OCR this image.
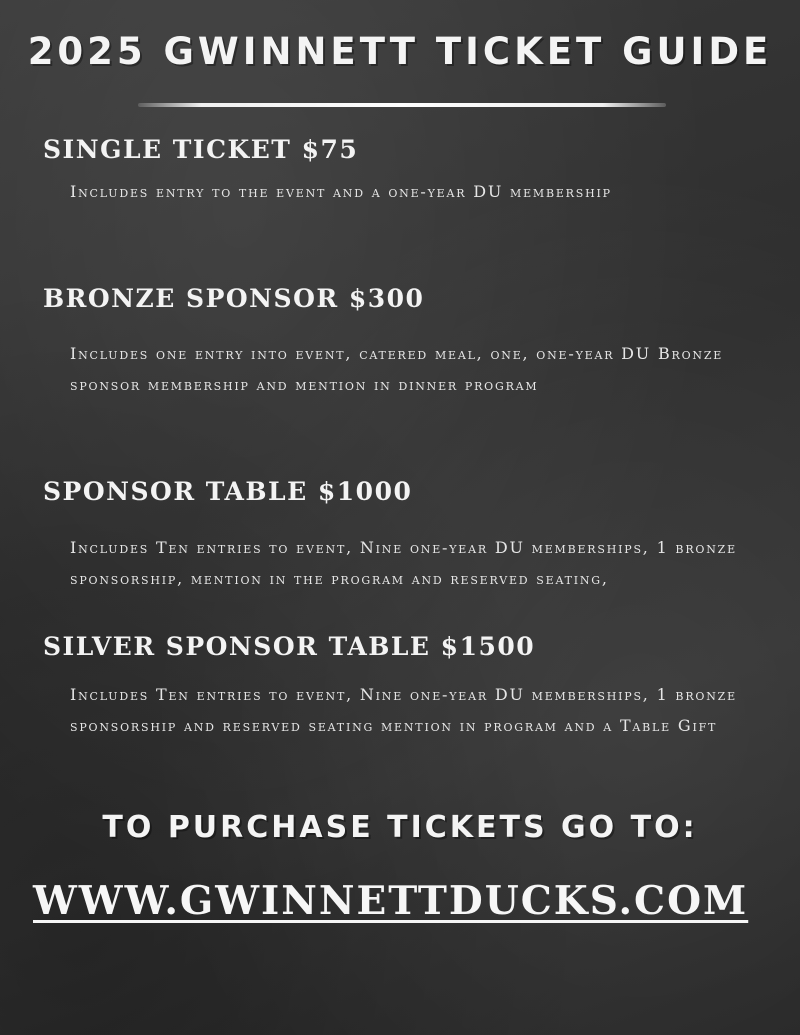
2025 GWINNETT TICKET GUIDE
SINGLE TICKET $75

Includes entry to the event and a one-year DU membership

BRONZE SPONSOR $300

Includes one entry into event, catered meal, one, one-year DU Bronze sponsor membership and mention in dinner program

SPONSOR TABLE $1000

Includes Ten entries to event, Nine one-year DU memberships, 1 bronze sponsorship, mention in the program and reserved seating,

SILVER SPONSOR TABLE $1500

Includes Ten entries to event, Nine one-year DU memberships, 1 bronze sponsorship and reserved seating mention in program and a Table Gift

TO PURCHASE TICKETS GO TO:
WWW.GWINNETTDUCKS.COM
